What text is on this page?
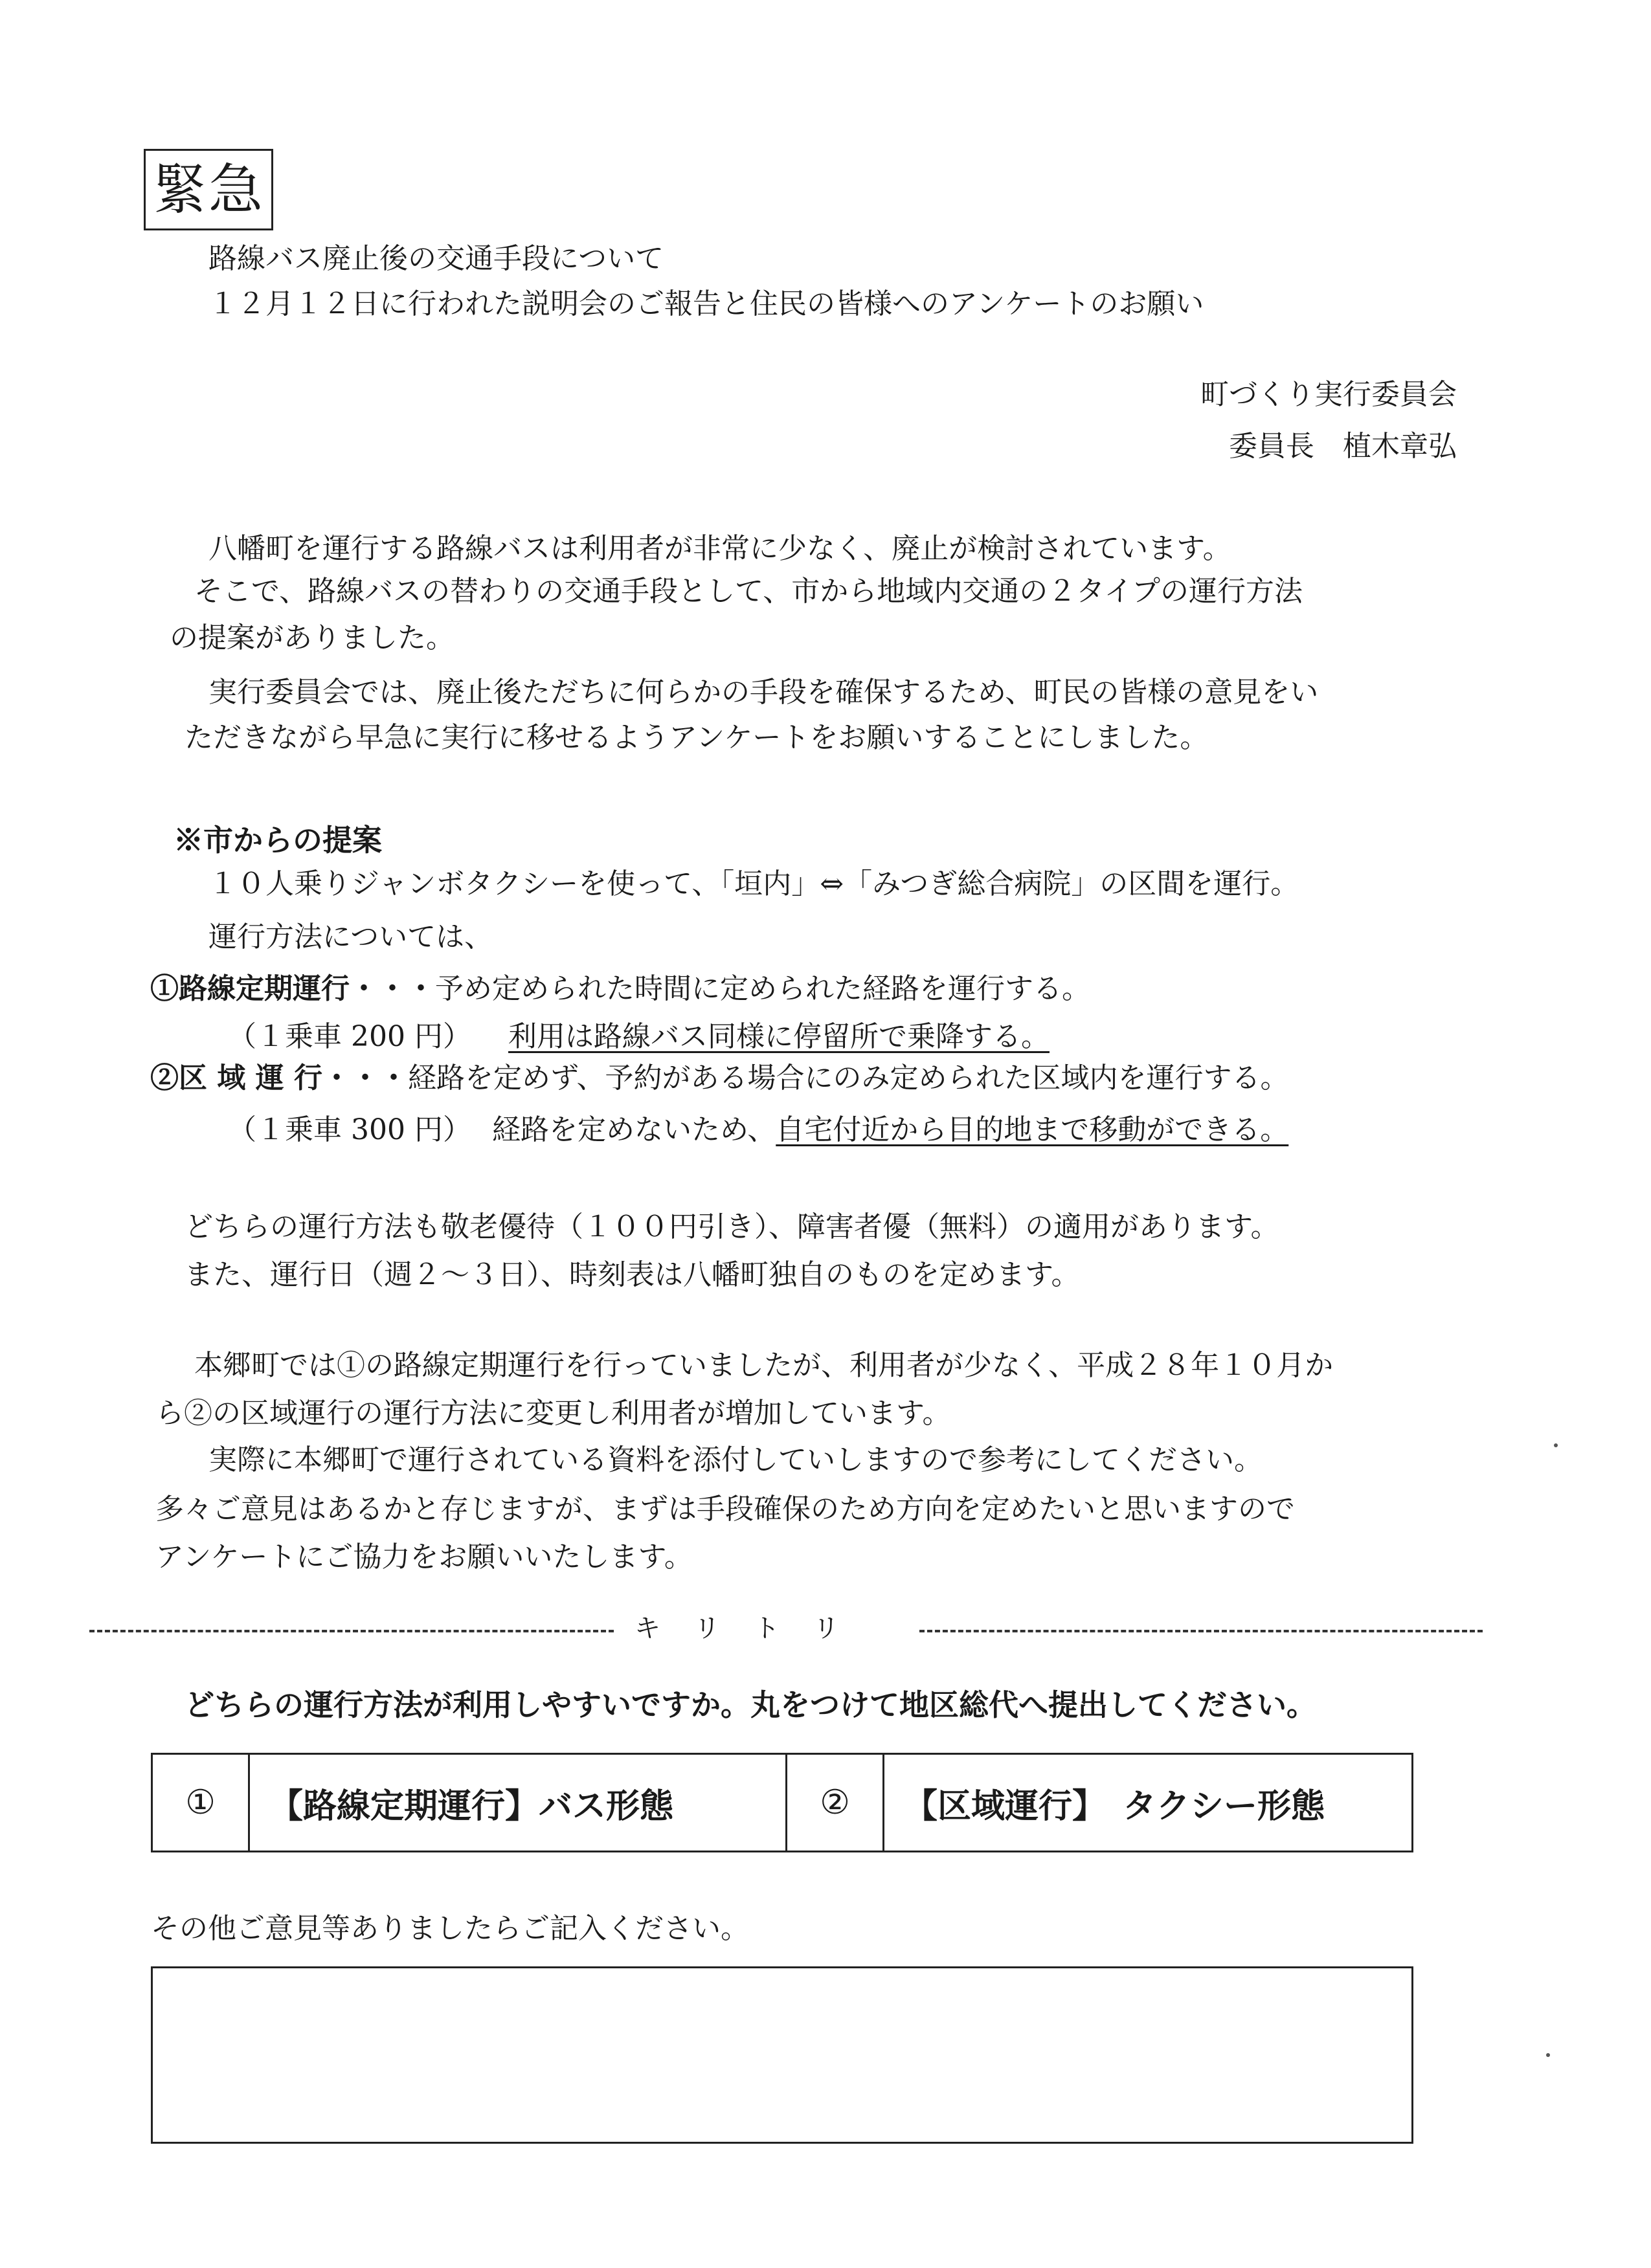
緊急
路線バス廃止後の交通手段について
１２月１２日に行われた説明会のご報告と住民の皆様へのアンケートのお願い
町づくり実行委員会
委員長　植木章弘
八幡町を運行する路線バスは利用者が非常に少なく、廃止が検討されています。
そこで、路線バスの替わりの交通手段として、市から地域内交通の２タイプの運行方法
の提案がありました。
実行委員会では、廃止後ただちに何らかの手段を確保するため、町民の皆様の意見をい
ただきながら早急に実行に移せるようアンケートをお願いすることにしました。
※市からの提案
１０人乗りジャンボタクシーを使って、「垣内」⇔「みつぎ総合病院」の区間を運行。
運行方法については、
①路線定期運行・・・予め定められた時間に定められた経路を運行する。
（１乗車 200 円） 利用は路線バス同様に停留所で乗降する。
②区 域 運 行・・・経路を定めず、予約がある場合にのみ定められた区域内を運行する。
（１乗車 300 円） 経路を定めないため、自宅付近から目的地まで移動ができる。
どちらの運行方法も敬老優待（１００円引き）、障害者優（無料）の適用があります。
また、運行日（週２～３日）、時刻表は八幡町独自のものを定めます。
本郷町では①の路線定期運行を行っていましたが、利用者が少なく、平成２８年１０月か
ら②の区域運行の運行方法に変更し利用者が増加しています。
実際に本郷町で運行されている資料を添付していしますので参考にしてください。
多々ご意見はあるかと存じますが、まずは手段確保のため方向を定めたいと思いますので
アンケートにご協力をお願いいたします。
キ　リ　ト　リ
どちらの運行方法が利用しやすいですか。丸をつけて地区総代へ提出してください。
①	【路線定期運行】バス形態	②	【区域運行】　タクシー形態
その他ご意見等ありましたらご記入ください。
